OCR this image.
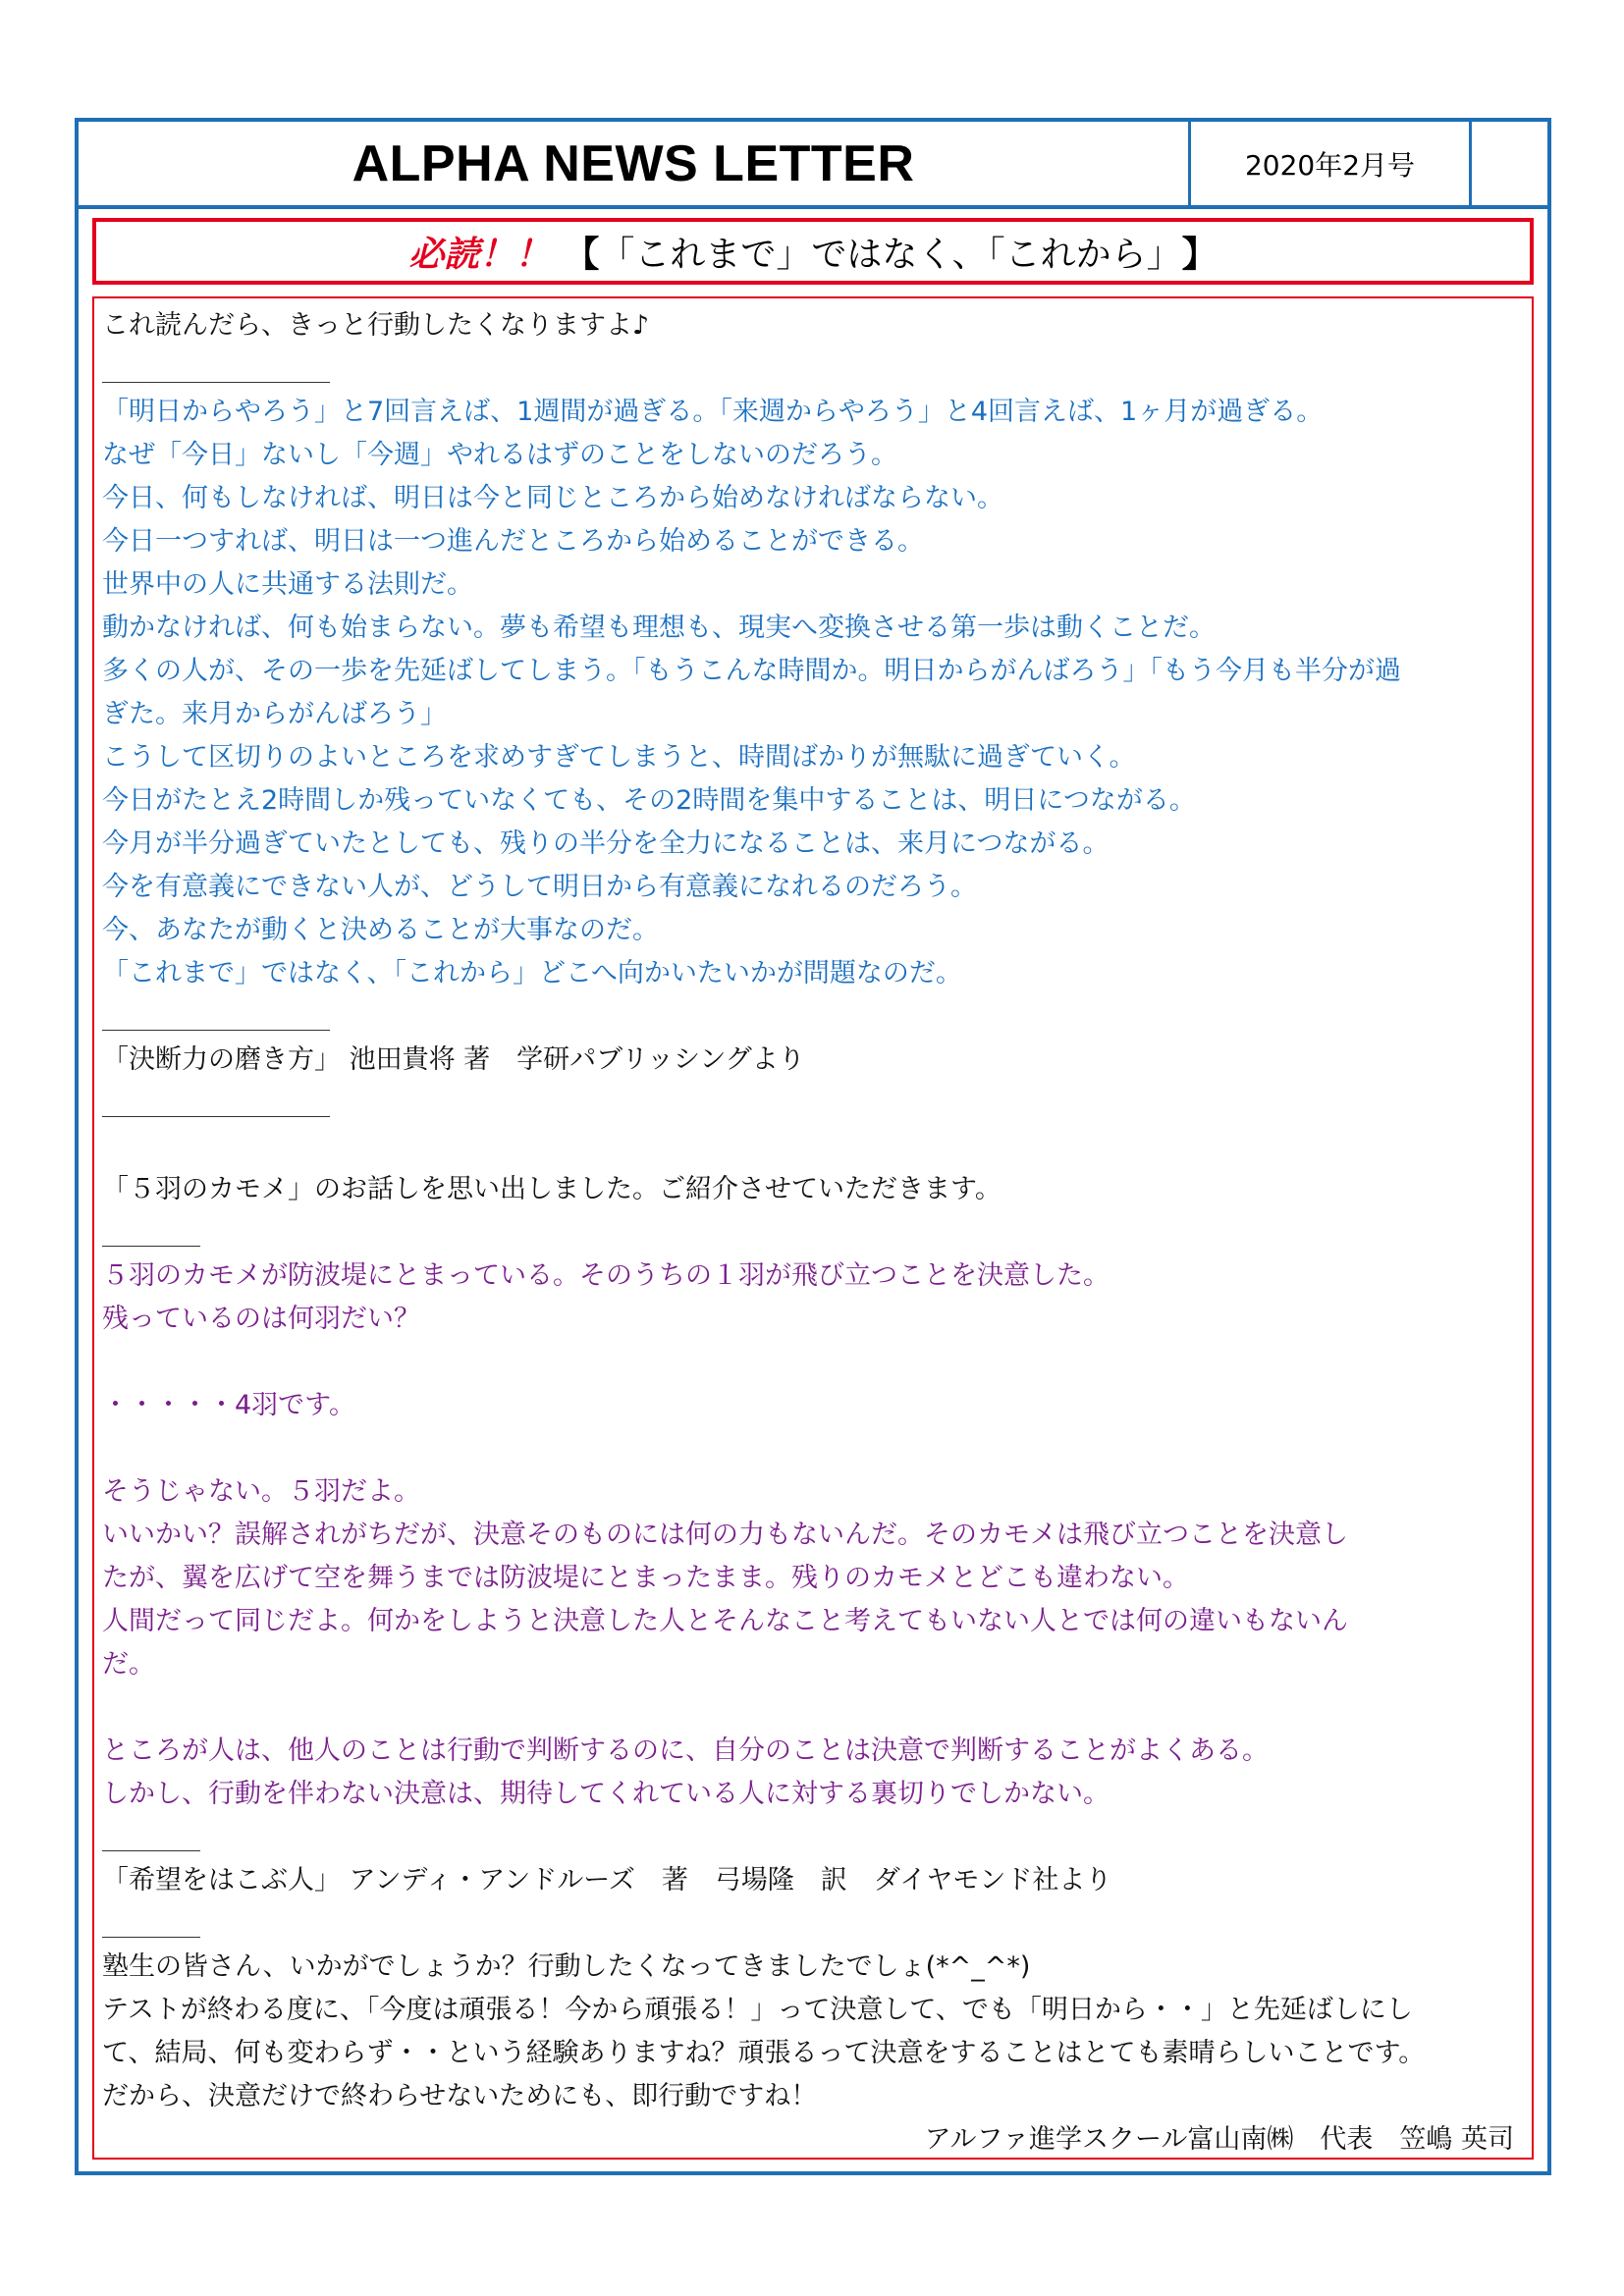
ALPHA NEWS LETTER	2020年2月号
必読！！ 【 「これまで」ではなく、「これから」 】
これ読んだら、きっと行動したくなりますよ♪
「明日からやろう」と7回言えば、1週間が過ぎる。「来週からやろう」と4回言えば、1ヶ月が過ぎる。
なぜ「今日」ないし「今週」やれるはずのことをしないのだろう。
今日、何もしなければ、明日は今と同じところから始めなければならない。
今日一つすれば、明日は一つ進んだところから始めることができる。
世界中の人に共通する法則だ。
動かなければ、何も始まらない。夢も希望も理想も、現実へ変換させる第一歩は動くことだ。
多くの人が、その一歩を先延ばしてしまう。「もうこんな時間か。明日からがんばろう」「もう今月も半分が過
ぎた。来月からがんばろう」
こうして区切りのよいところを求めすぎてしまうと、時間ばかりが無駄に過ぎていく。
今日がたとえ2時間しか残っていなくても、その2時間を集中することは、明日につながる。
今月が半分過ぎていたとしても、残りの半分を全力になることは、来月につながる。
今を有意義にできない人が、どうして明日から有意義になれるのだろう。
今、あなたが動くと決めることが大事なのだ。
「これまで」ではなく、「これから」どこへ向かいたいかが問題なのだ。
「決断力の磨き方」 池田貴将 著　学研パブリッシングより
「５羽のカモメ」のお話しを思い出しました。ご紹介させていただきます。
５羽のカモメが防波堤にとまっている。そのうちの１羽が飛び立つことを決意した。
残っているのは何羽だい？
・・・・・4羽です。
そうじゃない。５羽だよ。
いいかい？誤解されがちだが、決意そのものには何の力もないんだ。そのカモメは飛び立つことを決意し
たが、翼を広げて空を舞うまでは防波堤にとまったまま。残りのカモメとどこも違わない。
人間だって同じだよ。何かをしようと決意した人とそんなこと考えてもいない人とでは何の違いもないん
だ。
ところが人は、他人のことは行動で判断するのに、自分のことは決意で判断することがよくある。
しかし、行動を伴わない決意は、期待してくれている人に対する裏切りでしかない。
「希望をはこぶ人」 アンディ・アンドルーズ　著　弓場隆　訳　ダイヤモンド社より
塾生の皆さん、いかがでしょうか？行動したくなってきましたでしょ(*^_^*)
テストが終わる度に、「今度は頑張る！今から頑張る！」って決意して、でも「明日から・・」と先延ばしにし
て、結局、何も変わらず・・という経験ありますね？頑張るって決意をすることはとても素晴らしいことです。
だから、決意だけで終わらせないためにも、即行動ですね！
アルファ進学スクール富山南㈱　代表　笠嶋 英司
